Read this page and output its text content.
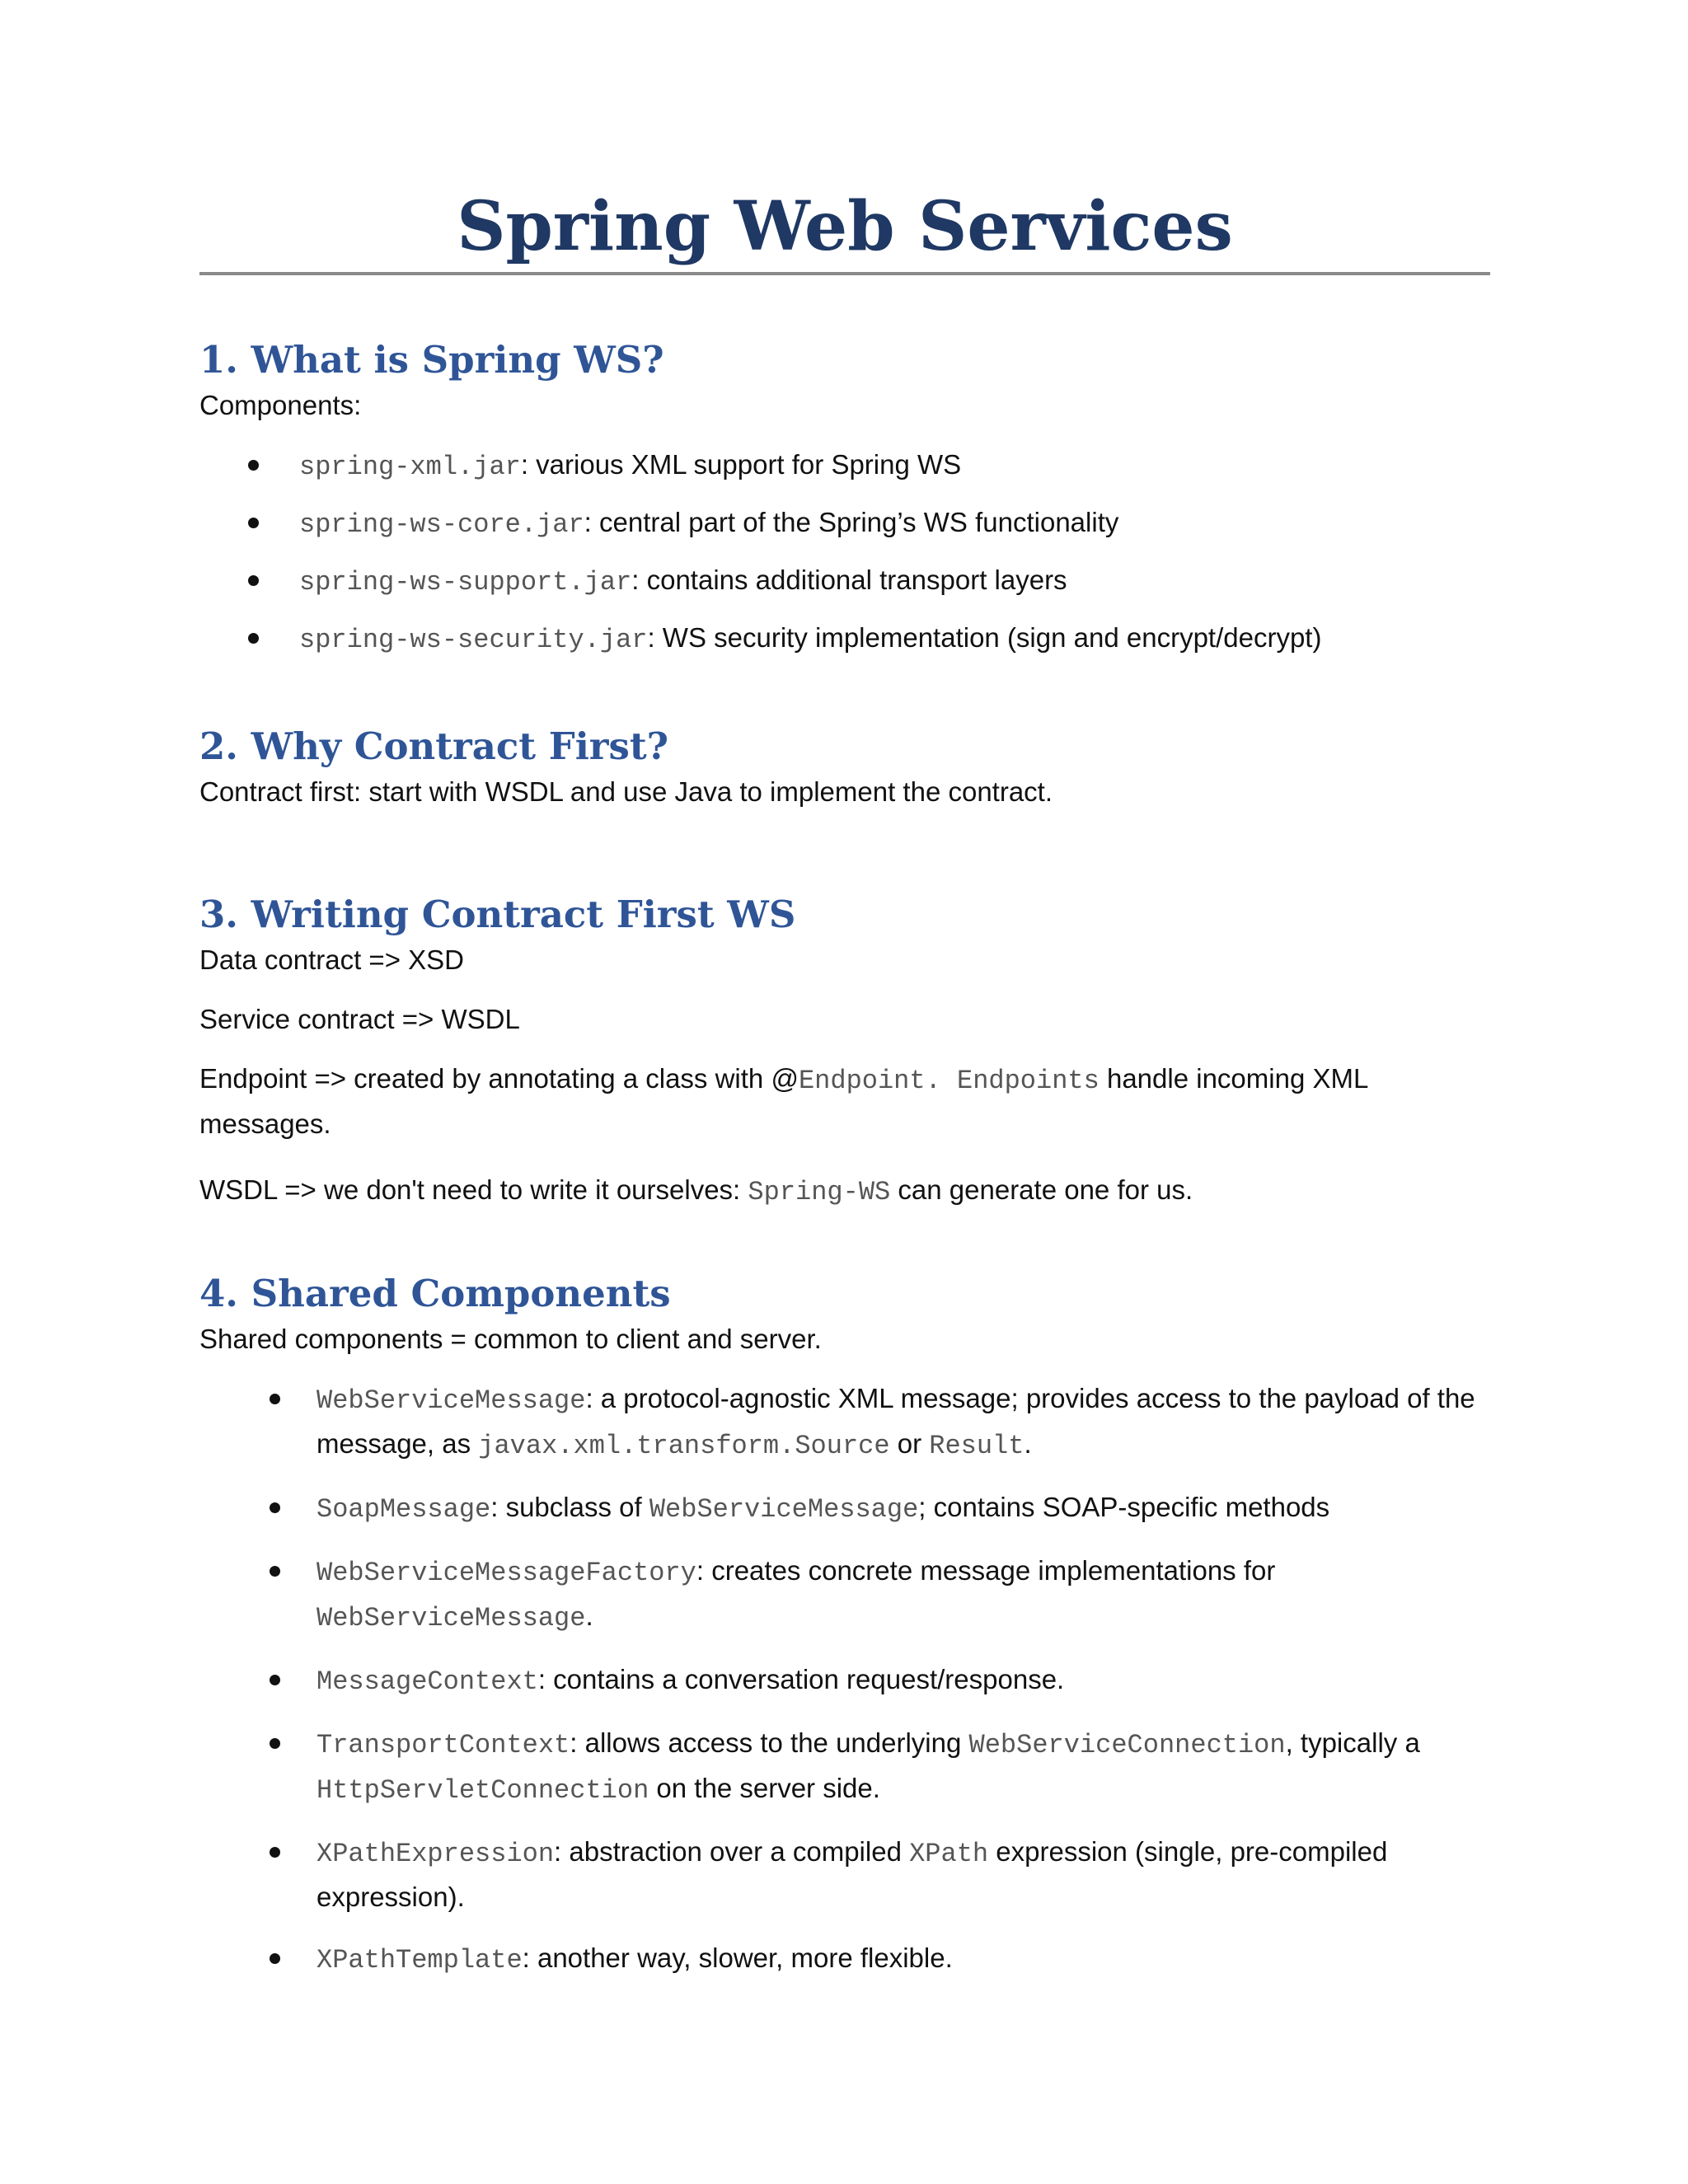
Spring Web Services
1. What is Spring WS?

Components:

spring-xml.jar: various XML support for Spring WS
spring-ws-core.jar: central part of the Spring’s WS functionality
spring-ws-support.jar: contains additional transport layers
spring-ws-security.jar: WS security implementation (sign and encrypt/decrypt)
2. Why Contract First?

Contract first: start with WSDL and use Java to implement the contract.

3. Writing Contract First WS

Data contract => XSD

Service contract => WSDL

Endpoint => created by annotating a class with @Endpoint. Endpoints handle incoming XML messages.

WSDL => we don't need to write it ourselves: Spring-WS can generate one for us.

4. Shared Components

Shared components = common to client and server.

WebServiceMessage: a protocol-agnostic XML message; provides access to the payload of the message, as javax.xml.transform.Source or Result.
SoapMessage: subclass of WebServiceMessage; contains SOAP-specific methods
WebServiceMessageFactory: creates concrete message implementations for WebServiceMessage.
MessageContext: contains a conversation request/response.
TransportContext: allows access to the underlying WebServiceConnection, typically a HttpServletConnection on the server side.
XPathExpression: abstraction over a compiled XPath expression (single, pre-compiled expression).
XPathTemplate: another way, slower, more flexible.
